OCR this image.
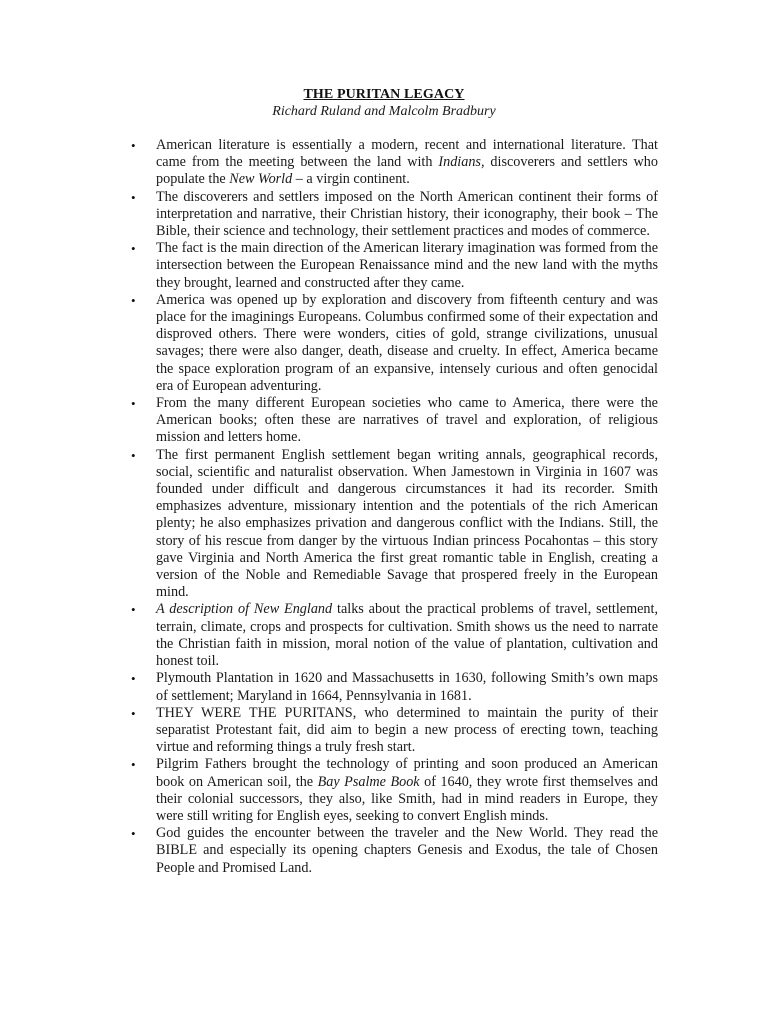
THE PURITAN LEGACY
Richard Ruland and Malcolm Bradbury
• American literature is essentially a modern, recent and international literature. That came from the meeting between the land with Indians, discoverers and settlers who populate the New World – a virgin continent.
• The discoverers and settlers imposed on the North American continent their forms of interpretation and narrative, their Christian history, their iconography, their book – The Bible, their science and technology, their settlement practices and modes of commerce.
• The fact is the main direction of the American literary imagination was formed from the intersection between the European Renaissance mind and the new land with the myths they brought, learned and constructed after they came.
• America was opened up by exploration and discovery from fifteenth century and was place for the imaginings Europeans. Columbus confirmed some of their expectation and disproved others. There were wonders, cities of gold, strange civilizations, unusual savages; there were also danger, death, disease and cruelty. In effect, America became the space exploration program of an expansive, intensely curious and often genocidal era of European adventuring.
• From the many different European societies who came to America, there were the American books; often these are narratives of travel and exploration, of religious mission and letters home.
• The first permanent English settlement began writing annals, geographical records, social, scientific and naturalist observation. When Jamestown in Virginia in 1607 was founded under difficult and dangerous circumstances it had its recorder. Smith emphasizes adventure, missionary intention and the potentials of the rich American plenty; he also emphasizes privation and dangerous conflict with the Indians. Still, the story of his rescue from danger by the virtuous Indian princess Pocahontas – this story gave Virginia and North America the first great romantic table in English, creating a version of the Noble and Remediable Savage that prospered freely in the European mind.
• A description of New England talks about the practical problems of travel, settlement, terrain, climate, crops and prospects for cultivation. Smith shows us the need to narrate the Christian faith in mission, moral notion of the value of plantation, cultivation and honest toil.
• Plymouth Plantation in 1620 and Massachusetts in 1630, following Smith’s own maps of settlement; Maryland in 1664, Pennsylvania in 1681.
• THEY WERE THE PURITANS, who determined to maintain the purity of their separatist Protestant fait, did aim to begin a new process of erecting town, teaching virtue and reforming things a truly fresh start.
• Pilgrim Fathers brought the technology of printing and soon produced an American book on American soil, the Bay Psalme Book of 1640, they wrote first themselves and their colonial successors, they also, like Smith, had in mind readers in Europe, they were still writing for English eyes, seeking to convert English minds.
• God guides the encounter between the traveler and the New World. They read the BIBLE and especially its opening chapters Genesis and Exodus, the tale of Chosen People and Promised Land.
